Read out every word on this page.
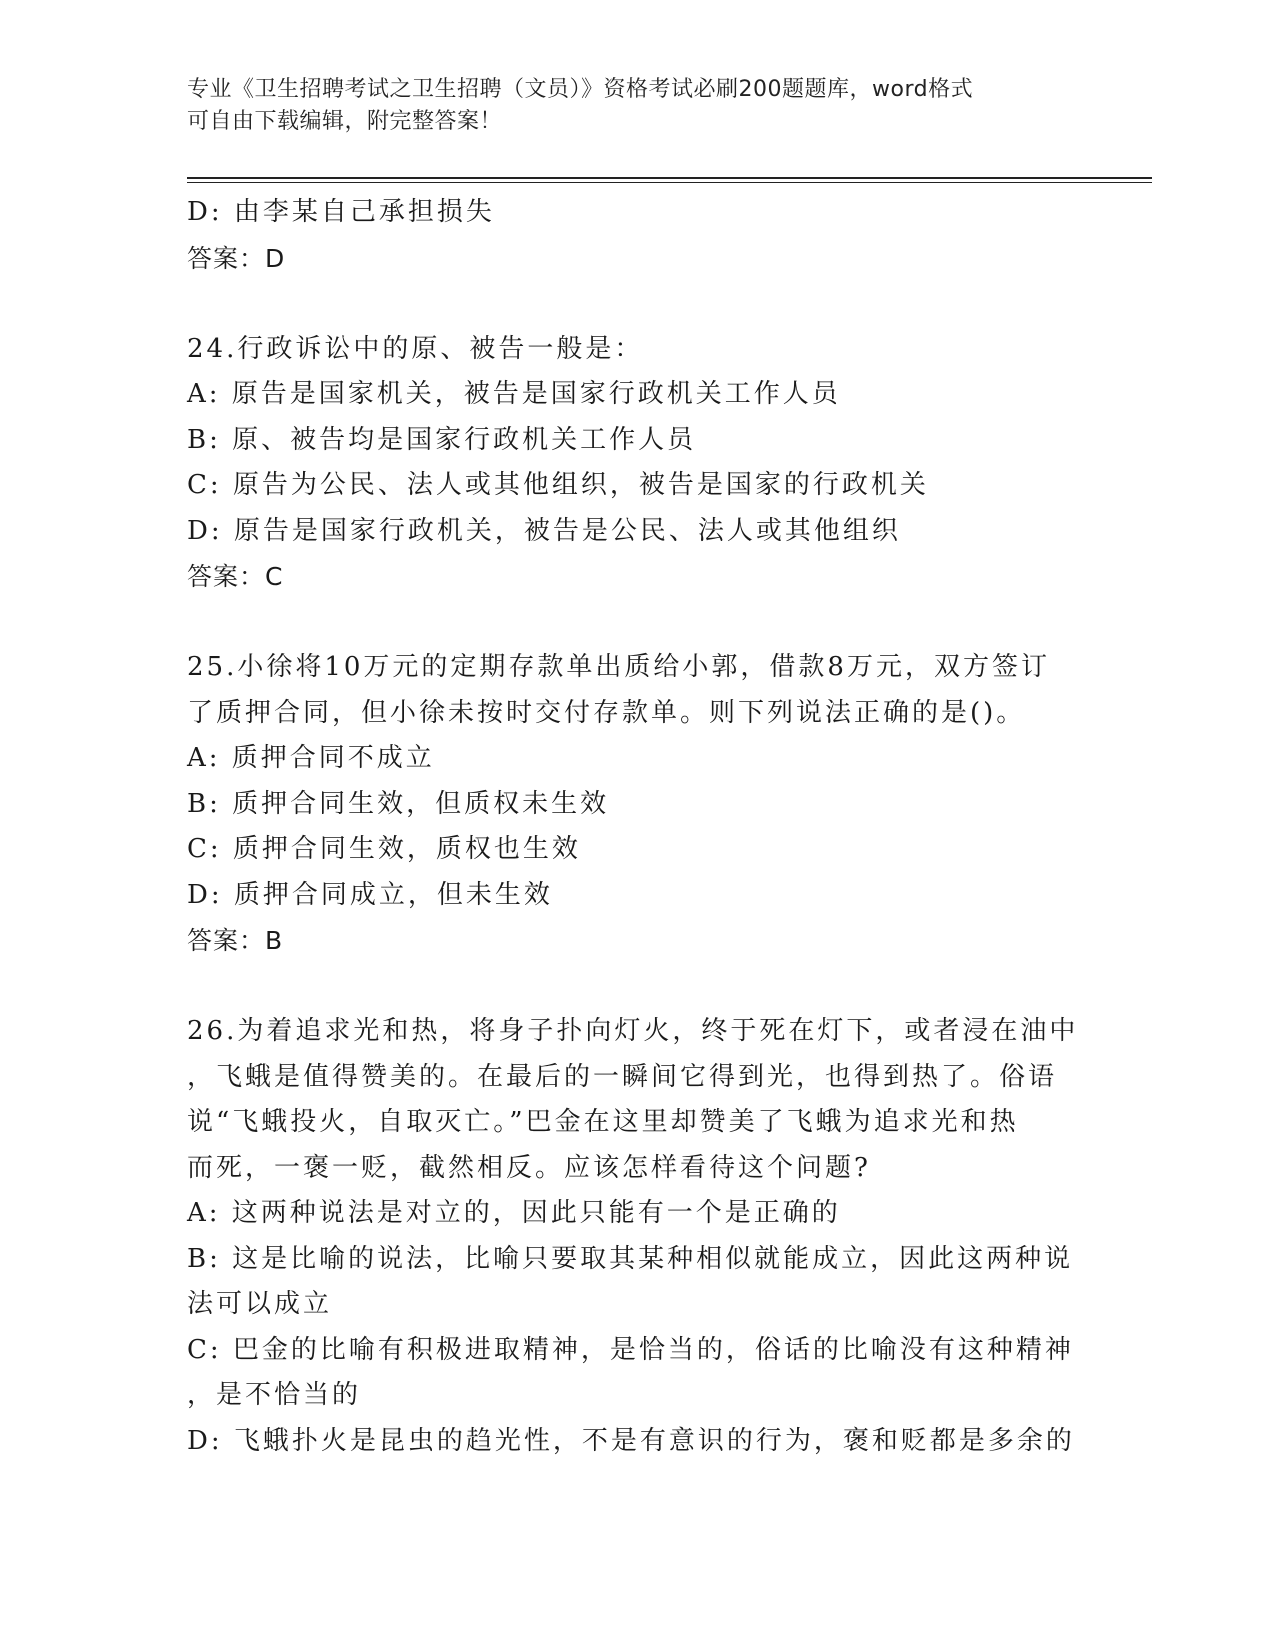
专业《卫生招聘考试之卫生招聘（文员）》资格考试必刷200题题库，word格式
可自由下载编辑，附完整答案！
D: 由李某自己承担损失
答案：D
24.行政诉讼中的原、被告一般是：
A: 原告是国家机关，被告是国家行政机关工作人员
B: 原、被告均是国家行政机关工作人员
C: 原告为公民、法人或其他组织，被告是国家的行政机关
D: 原告是国家行政机关，被告是公民、法人或其他组织
答案：C
25.小徐将10万元的定期存款单出质给小郭，借款8万元，双方签订
了质押合同，但小徐未按时交付存款单。则下列说法正确的是()。
A: 质押合同不成立
B: 质押合同生效，但质权未生效
C: 质押合同生效，质权也生效
D: 质押合同成立，但未生效
答案：B
26.为着追求光和热，将身子扑向灯火，终于死在灯下，或者浸在油中
，飞蛾是值得赞美的。在最后的一瞬间它得到光，也得到热了。俗语
说“飞蛾投火，自取灭亡。”巴金在这里却赞美了飞蛾为追求光和热
而死，一褒一贬，截然相反。应该怎样看待这个问题?
A: 这两种说法是对立的，因此只能有一个是正确的
B: 这是比喻的说法，比喻只要取其某种相似就能成立，因此这两种说
法可以成立
C: 巴金的比喻有积极进取精神，是恰当的，俗话的比喻没有这种精神
，是不恰当的
D: 飞蛾扑火是昆虫的趋光性，不是有意识的行为，褒和贬都是多余的
